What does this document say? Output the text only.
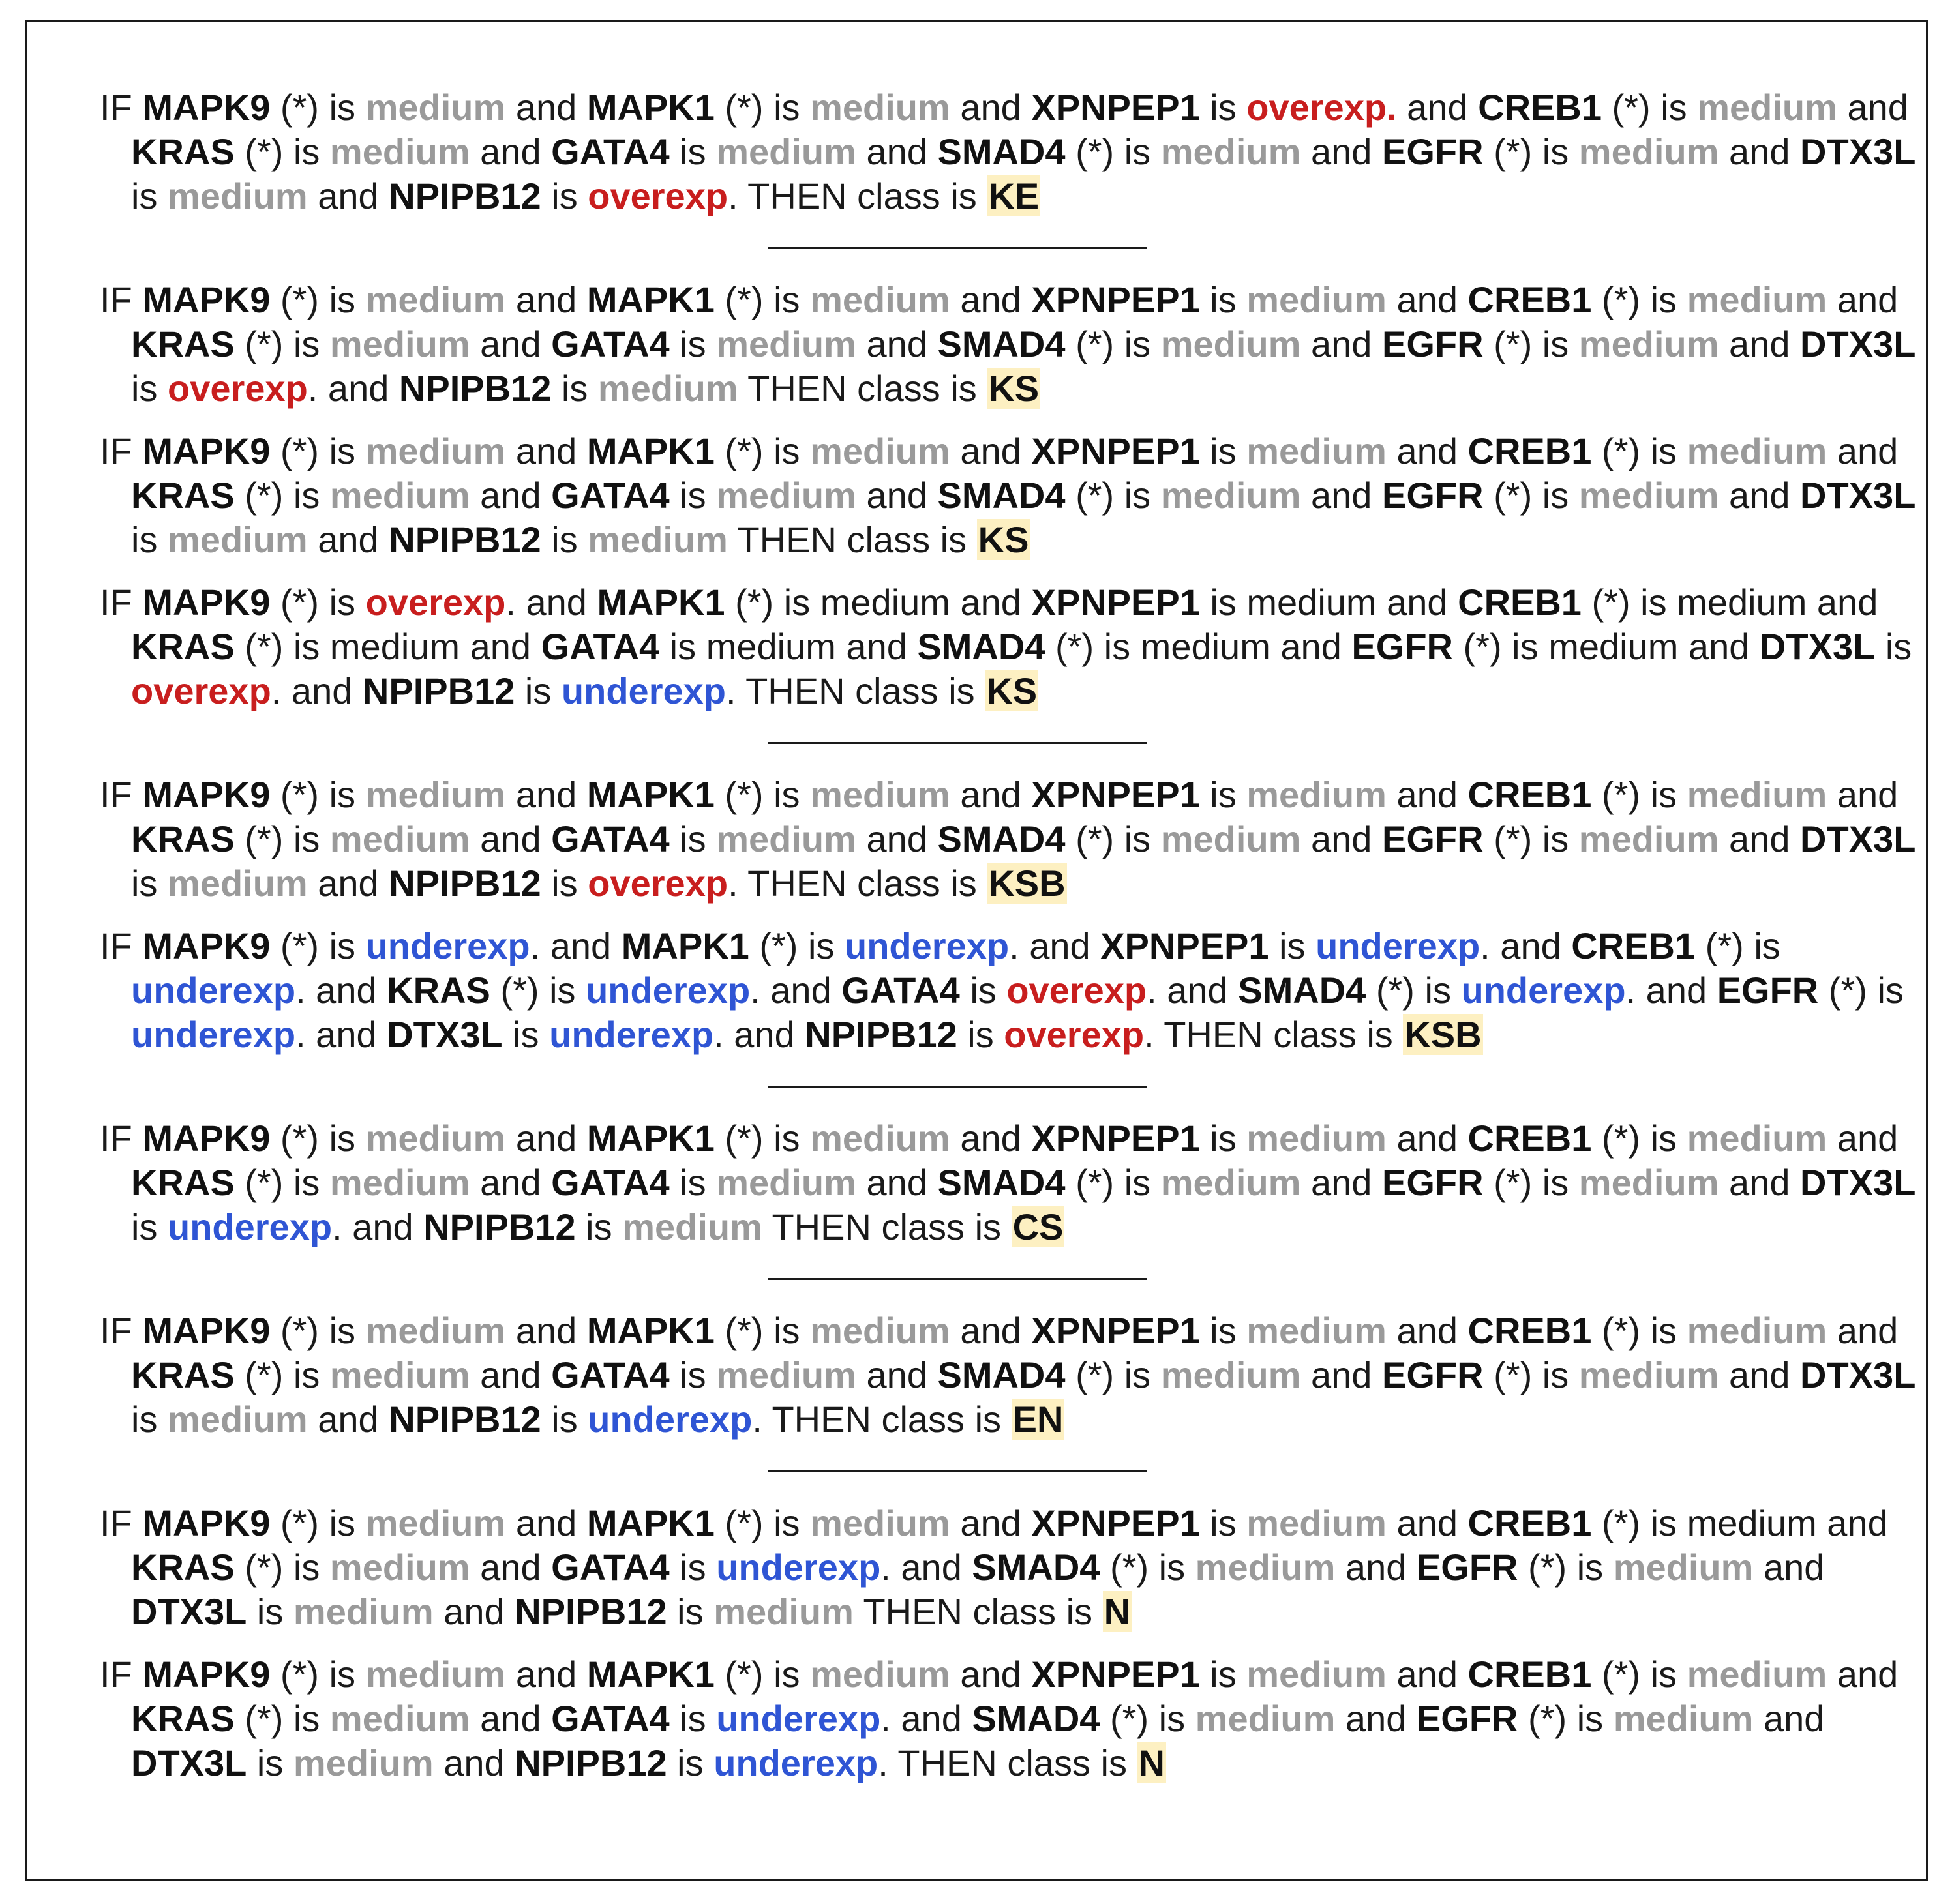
IF MAPK9 (*) is medium and MAPK1 (*) is medium and XPNPEP1 is overexp. and CREB1 (*) is medium and KRAS (*) is medium and GATA4 is medium and SMAD4 (*) is medium and EGFR (*) is medium and DTX3L is medium and NPIPB12 is overexp. THEN class is KE

IF MAPK9 (*) is medium and MAPK1 (*) is medium and XPNPEP1 is medium and CREB1 (*) is medium and KRAS (*) is medium and GATA4 is medium and SMAD4 (*) is medium and EGFR (*) is medium and DTX3L is overexp. and NPIPB12 is medium THEN class is KS

IF MAPK9 (*) is medium and MAPK1 (*) is medium and XPNPEP1 is medium and CREB1 (*) is medium and KRAS (*) is medium and GATA4 is medium and SMAD4 (*) is medium and EGFR (*) is medium and DTX3L is medium and NPIPB12 is medium THEN class is KS

IF MAPK9 (*) is overexp. and MAPK1 (*) is medium and XPNPEP1 is medium and CREB1 (*) is medium and KRAS (*) is medium and GATA4 is medium and SMAD4 (*) is medium and EGFR (*) is medium and DTX3L is overexp. and NPIPB12 is underexp. THEN class is KS

IF MAPK9 (*) is medium and MAPK1 (*) is medium and XPNPEP1 is medium and CREB1 (*) is medium and KRAS (*) is medium and GATA4 is medium and SMAD4 (*) is medium and EGFR (*) is medium and DTX3L is medium and NPIPB12 is overexp. THEN class is KSB

IF MAPK9 (*) is underexp. and MAPK1 (*) is underexp. and XPNPEP1 is underexp. and CREB1 (*) is underexp. and KRAS (*) is underexp. and GATA4 is overexp. and SMAD4 (*) is underexp. and EGFR (*) is underexp. and DTX3L is underexp. and NPIPB12 is overexp. THEN class is KSB

IF MAPK9 (*) is medium and MAPK1 (*) is medium and XPNPEP1 is medium and CREB1 (*) is medium and KRAS (*) is medium and GATA4 is medium and SMAD4 (*) is medium and EGFR (*) is medium and DTX3L is underexp. and NPIPB12 is medium THEN class is CS

IF MAPK9 (*) is medium and MAPK1 (*) is medium and XPNPEP1 is medium and CREB1 (*) is medium and KRAS (*) is medium and GATA4 is medium and SMAD4 (*) is medium and EGFR (*) is medium and DTX3L is medium and NPIPB12 is underexp. THEN class is EN

IF MAPK9 (*) is medium and MAPK1 (*) is medium and XPNPEP1 is medium and CREB1 (*) is medium and KRAS (*) is medium and GATA4 is underexp. and SMAD4 (*) is medium and EGFR (*) is medium and DTX3L is medium and NPIPB12 is medium THEN class is N

IF MAPK9 (*) is medium and MAPK1 (*) is medium and XPNPEP1 is medium and CREB1 (*) is medium and KRAS (*) is medium and GATA4 is underexp. and SMAD4 (*) is medium and EGFR (*) is medium and DTX3L is medium and NPIPB12 is underexp. THEN class is N
